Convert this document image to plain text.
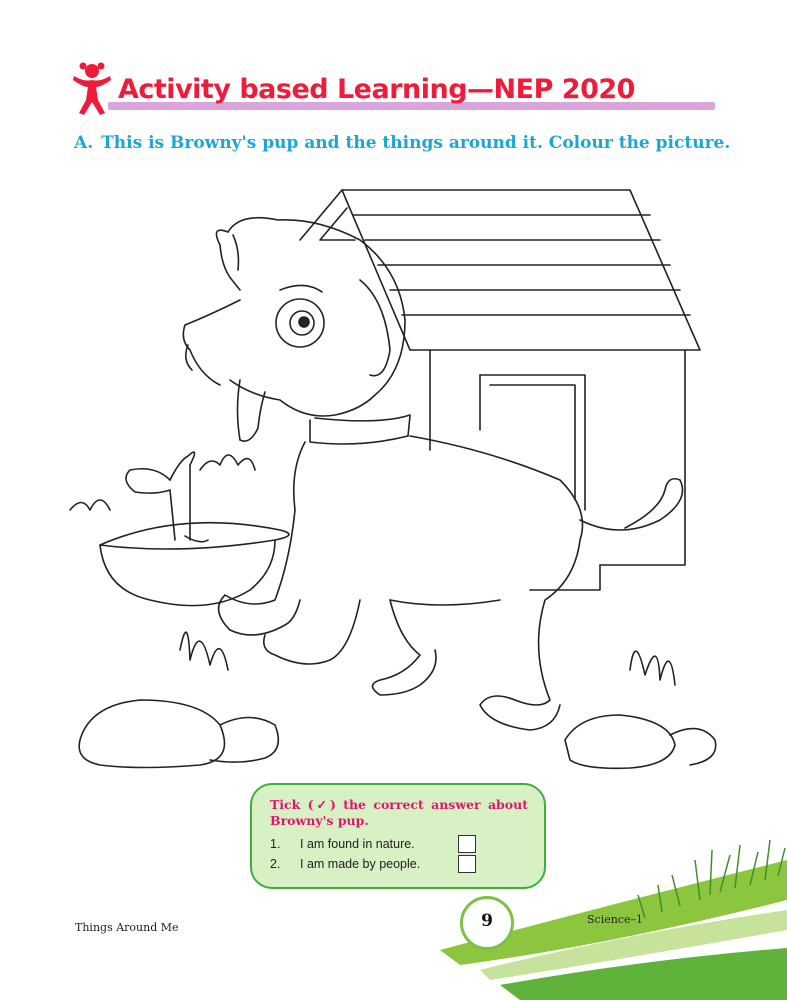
Activity based Learning—NEP 2020
A. This is Browny's pup and the things around it. Colour the picture.
Tick (✓) the correct answer about Browny's pup.
1. I am found in nature.
2. I am made by people.
Things Around Me	9	Science–1
